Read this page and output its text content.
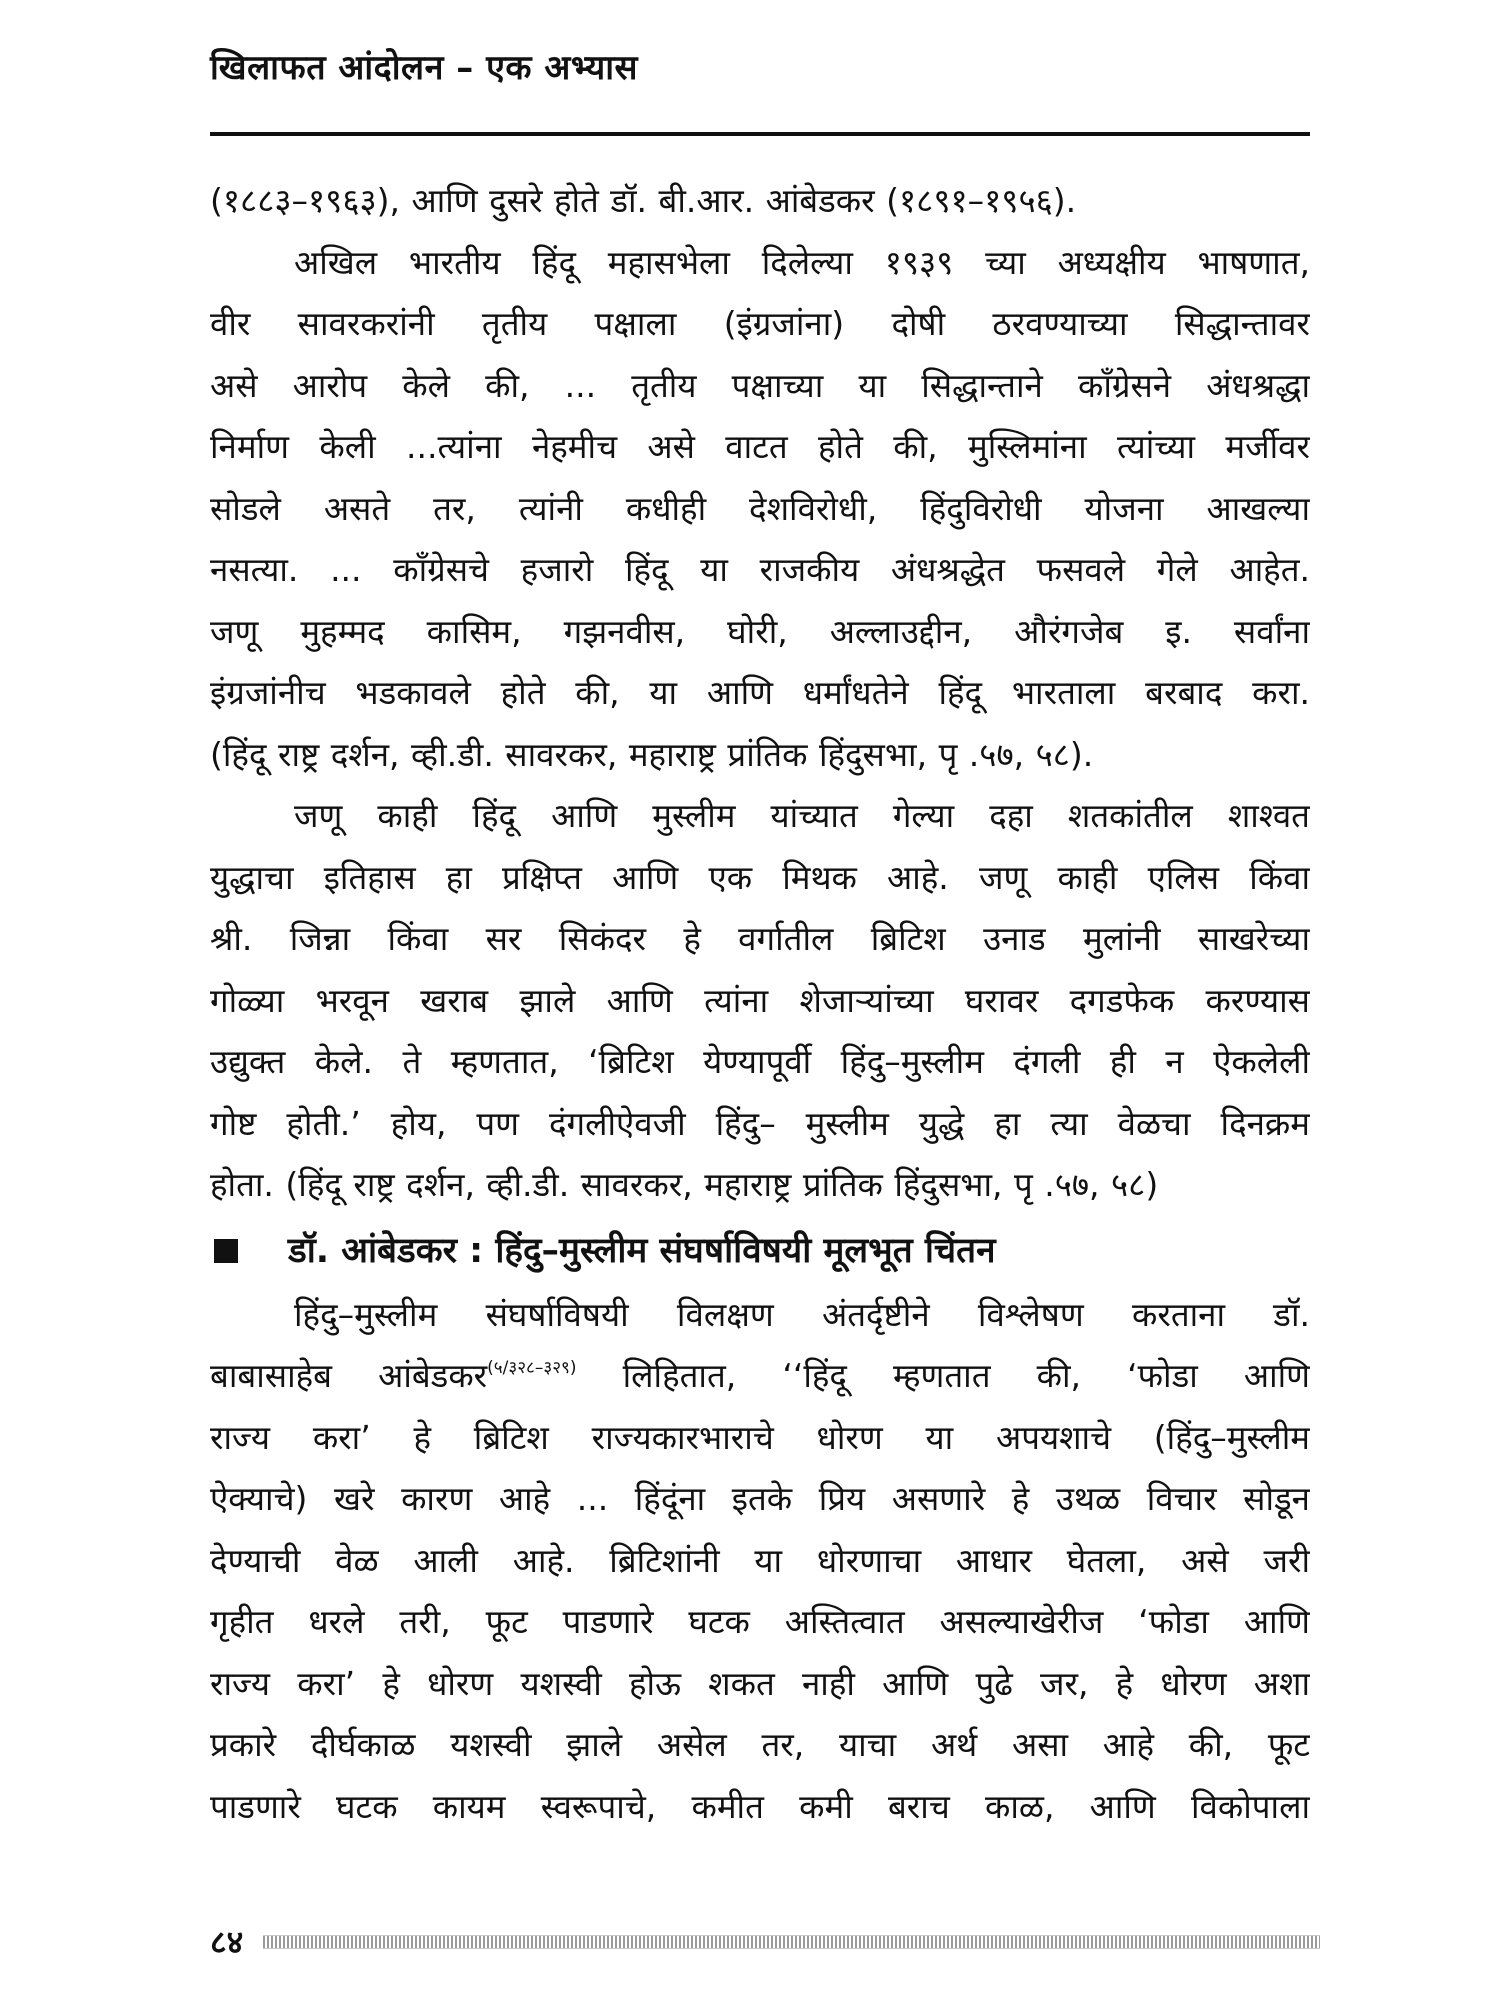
खिलाफत आंदोलन – एक अभ्यास

(१८८३–१९६३), आणि दुसरे होते डॉ. बी.आर. आंबेडकर (१८९१–१९५६).

अखिल भारतीय हिंदू महासभेला दिलेल्या १९३९ च्या अध्यक्षीय भाषणात,
वीर सावरकरांनी तृतीय पक्षाला (इंग्रजांना) दोषी ठरवण्याच्या सिद्धान्तावर
असे आरोप केले की, ... तृतीय पक्षाच्या या सिद्धान्ताने काँग्रेसने अंधश्रद्धा
निर्माण केली ...त्यांना नेहमीच असे वाटत होते की, मुस्लिमांना त्यांच्या मर्जीवर
सोडले असते तर, त्यांनी कधीही देशविरोधी, हिंदुविरोधी योजना आखल्या
नसत्या. ... काँग्रेसचे हजारो हिंदू या राजकीय अंधश्रद्धेत फसवले गेले आहेत.
जणू मुहम्मद कासिम, गझनवीस, घोरी, अल्लाउद्दीन, औरंगजेब इ. सर्वांना
इंग्रजांनीच भडकावले होते की, या आणि धर्मांधतेने हिंदू भारताला बरबाद करा.
(हिंदू राष्ट्र दर्शन, व्ही.डी. सावरकर, महाराष्ट्र प्रांतिक हिंदुसभा, पृ .५७, ५८).

जणू काही हिंदू आणि मुस्लीम यांच्यात गेल्या दहा शतकांतील शाश्वत
युद्धाचा इतिहास हा प्रक्षिप्त आणि एक मिथक आहे. जणू काही एलिस किंवा
श्री. जिन्ना किंवा सर सिकंदर हे वर्गातील ब्रिटिश उनाड मुलांनी साखरेच्या
गोळ्या भरवून खराब झाले आणि त्यांना शेजाऱ्यांच्या घरावर दगडफेक करण्यास
उद्युक्त केले. ते म्हणतात, ‘ब्रिटिश येण्यापूर्वी हिंदु–मुस्लीम दंगली ही न ऐकलेली
गोष्ट होती.’ होय, पण दंगलीऐवजी हिंदु– मुस्लीम युद्धे हा त्या वेळचा दिनक्रम
होता. (हिंदू राष्ट्र दर्शन, व्ही.डी. सावरकर, महाराष्ट्र प्रांतिक हिंदुसभा, पृ .५७, ५८)

डॉ. आंबेडकर : हिंदु–मुस्लीम संघर्षाविषयी मूलभूत चिंतन

हिंदु–मुस्लीम संघर्षाविषयी विलक्षण अंतर्दृष्टीने विश्लेषण करताना डॉ.
बाबासाहेब आंबेडकर$^{(५/३२८-३२९)}$ लिहितात, ‘‘हिंदू म्हणतात की, ‘फोडा आणि
राज्य करा’ हे ब्रिटिश राज्यकारभाराचे धोरण या अपयशाचे (हिंदु–मुस्लीम
ऐक्याचे) खरे कारण आहे ... हिंदूंना इतके प्रिय असणारे हे उथळ विचार सोडून
देण्याची वेळ आली आहे. ब्रिटिशांनी या धोरणाचा आधार घेतला, असे जरी
गृहीत धरले तरी, फूट पाडणारे घटक अस्तित्वात असल्याखेरीज ‘फोडा आणि
राज्य करा’ हे धोरण यशस्वी होऊ शकत नाही आणि पुढे जर, हे धोरण अशा
प्रकारे दीर्घकाळ यशस्वी झाले असेल तर, याचा अर्थ असा आहे की, फूट
पाडणारे घटक कायम स्वरूपाचे, कमीत कमी बराच काळ, आणि विकोपाला

८४
